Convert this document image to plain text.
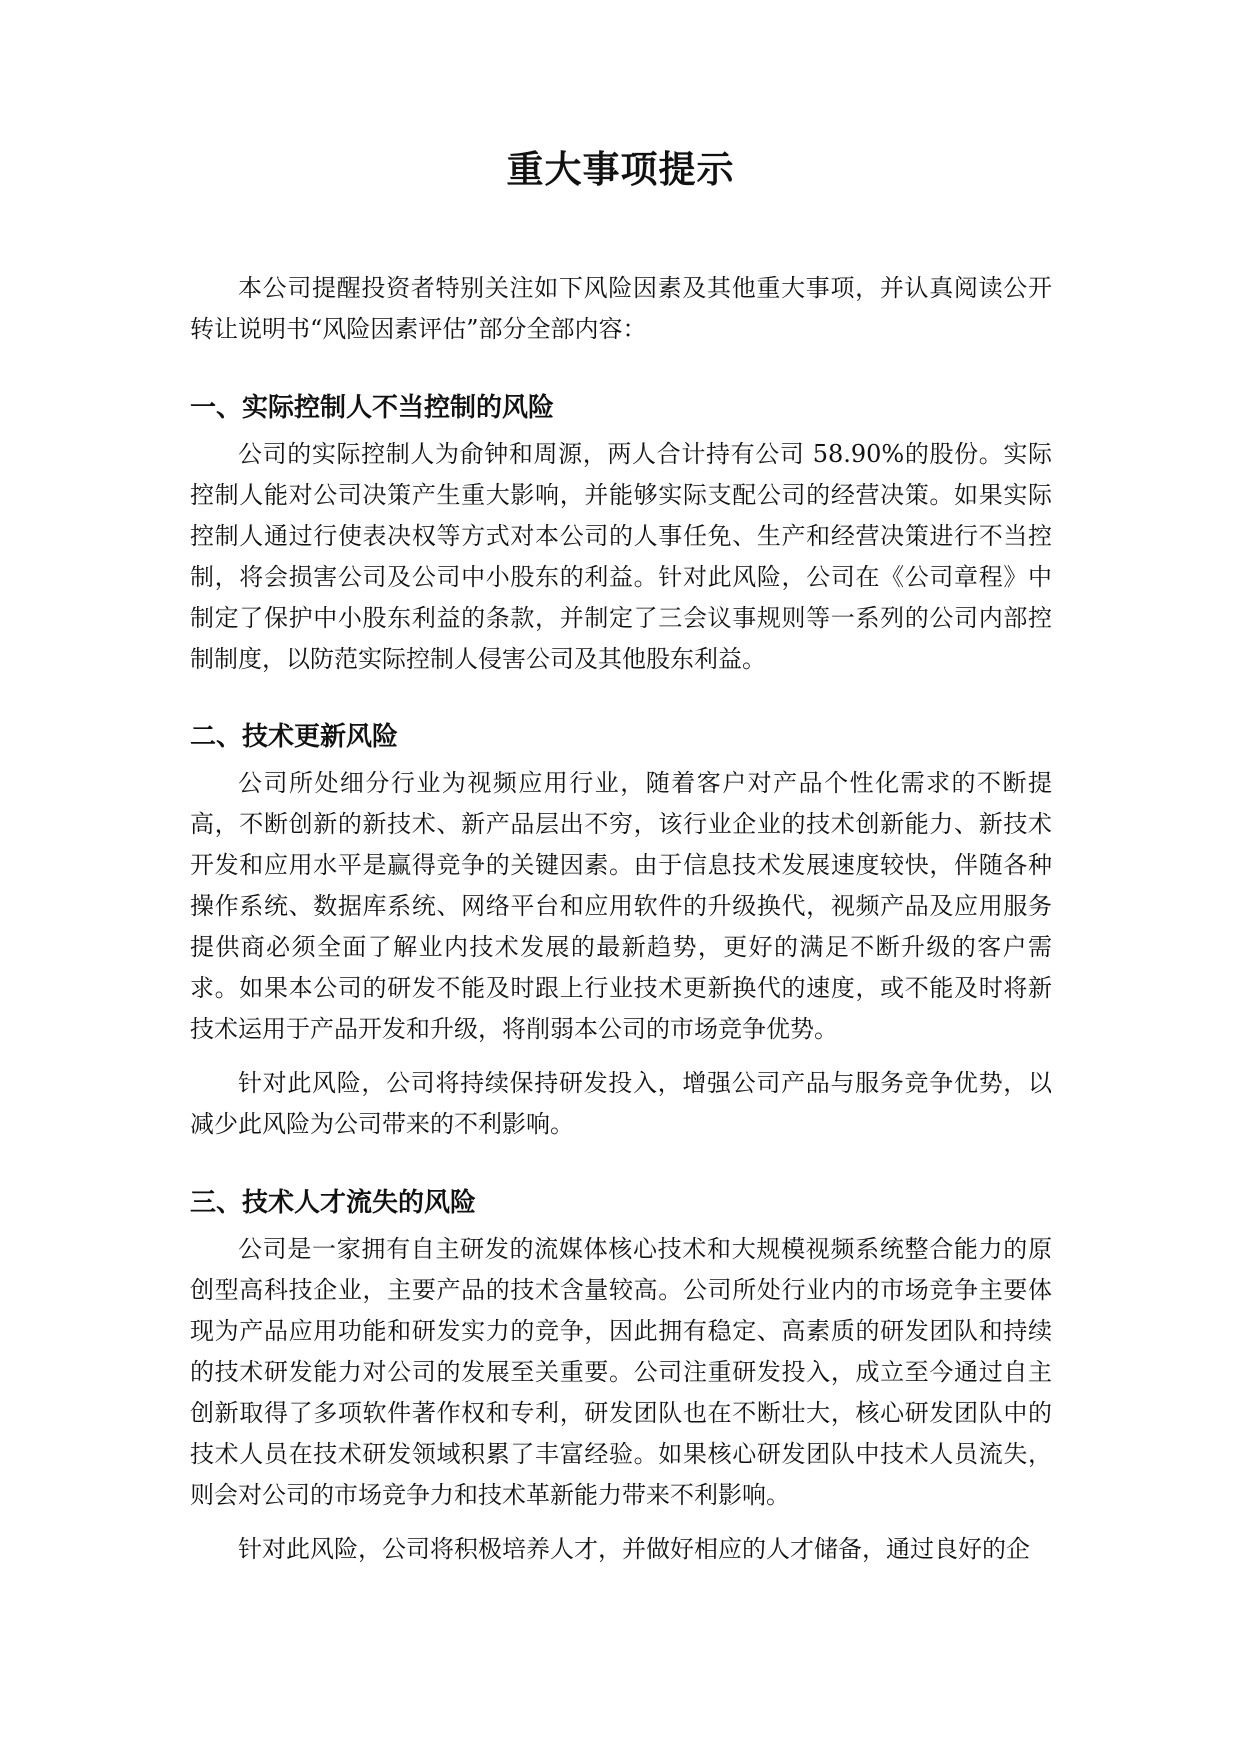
重大事项提示

本公司提醒投资者特别关注如下风险因素及其他重大事项，并认真阅读公开转让说明书“风险因素评估”部分全部内容：

一、实际控制人不当控制的风险

公司的实际控制人为俞钟和周源，两人合计持有公司 58.90%的股份。实际控制人能对公司决策产生重大影响，并能够实际支配公司的经营决策。如果实际控制人通过行使表决权等方式对本公司的人事任免、生产和经营决策进行不当控制，将会损害公司及公司中小股东的利益。针对此风险，公司在《公司章程》中制定了保护中小股东利益的条款，并制定了三会议事规则等一系列的公司内部控制制度，以防范实际控制人侵害公司及其他股东利益。

二、技术更新风险

公司所处细分行业为视频应用行业，随着客户对产品个性化需求的不断提高，不断创新的新技术、新产品层出不穷，该行业企业的技术创新能力、新技术开发和应用水平是赢得竞争的关键因素。由于信息技术发展速度较快，伴随各种操作系统、数据库系统、网络平台和应用软件的升级换代，视频产品及应用服务提供商必须全面了解业内技术发展的最新趋势，更好的满足不断升级的客户需求。如果本公司的研发不能及时跟上行业技术更新换代的速度，或不能及时将新技术运用于产品开发和升级，将削弱本公司的市场竞争优势。

针对此风险，公司将持续保持研发投入，增强公司产品与服务竞争优势，以减少此风险为公司带来的不利影响。

三、技术人才流失的风险

公司是一家拥有自主研发的流媒体核心技术和大规模视频系统整合能力的原创型高科技企业，主要产品的技术含量较高。公司所处行业内的市场竞争主要体现为产品应用功能和研发实力的竞争，因此拥有稳定、高素质的研发团队和持续的技术研发能力对公司的发展至关重要。公司注重研发投入，成立至今通过自主创新取得了多项软件著作权和专利，研发团队也在不断壮大，核心研发团队中的技术人员在技术研发领域积累了丰富经验。如果核心研发团队中技术人员流失，则会对公司的市场竞争力和技术革新能力带来不利影响。

针对此风险，公司将积极培养人才，并做好相应的人才储备，通过良好的企
